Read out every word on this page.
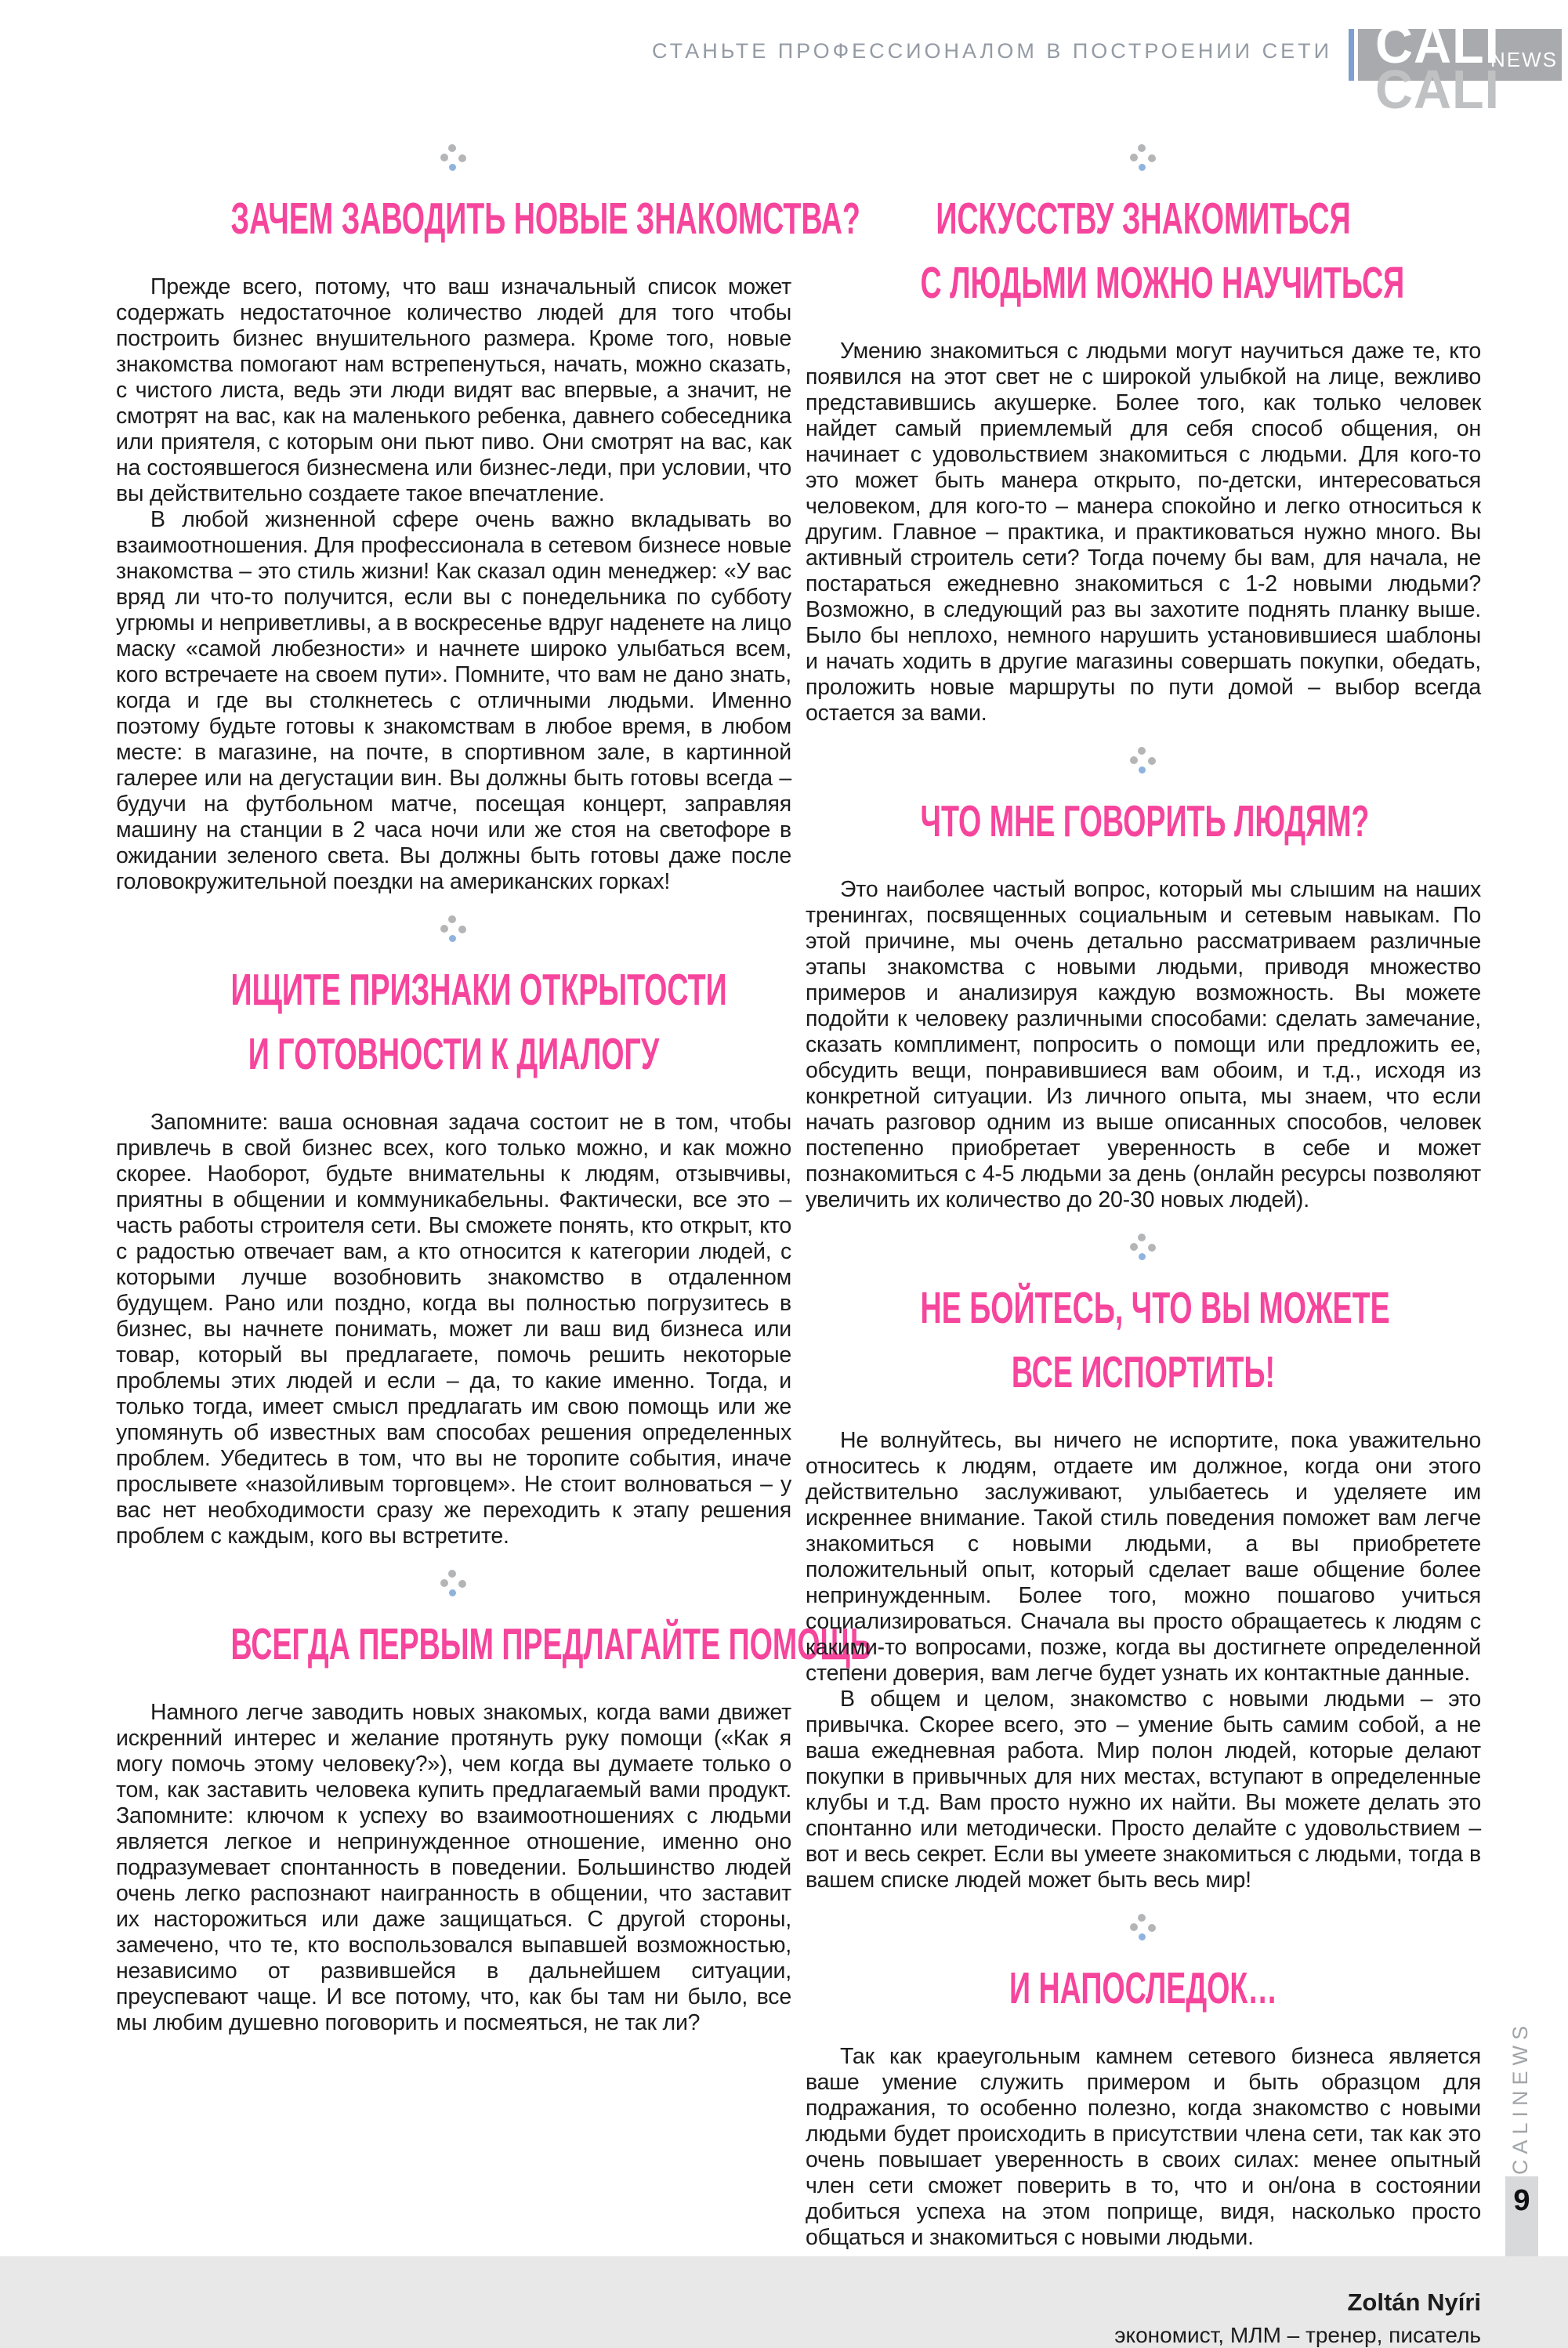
СТАНЬТЕ ПРОФЕССИОНАЛОМ В ПОСТРОЕНИИ СЕТИ CALI
CALI
NEWS
ЗАЧЕМ ЗАВОДИТЬ НОВЫЕ ЗНАКОМСТВА?

Прежде всего, потому, что ваш изначальный список может содержать недостаточное количество людей для того чтобы построить бизнес внушительного размера. Кроме того, новые знакомства помогают нам встрепенуться, начать, можно сказать, с чистого листа, ведь эти люди видят вас впервые, а значит, не смотрят на вас, как на маленького ребенка, давнего собеседника или приятеля, с которым они пьют пиво. Они смотрят на вас, как на состоявшегося бизнесмена или бизнес-леди, при условии, что вы действительно создаете такое впечатление.

В любой жизненной сфере очень важно вкладывать во взаимоотношения. Для профессионала в сетевом бизнесе новые знакомства – это стиль жизни! Как сказал один менеджер: «У вас вряд ли что-то получится, если вы с понедельника по субботу угрюмы и неприветливы, а в воскресенье вдруг наденете на лицо маску «самой любезности» и начнете широко улыбаться всем, кого встречаете на своем пути». Помните, что вам не дано знать, когда и где вы столкнетесь с отличными людьми. Именно поэтому будьте готовы к знакомствам в любое время, в любом месте: в магазине, на почте, в спортивном зале, в картинной галерее или на дегустации вин. Вы должны быть готовы всегда – будучи на футбольном матче, посещая концерт, заправляя машину на станции в 2 часа ночи или же стоя на светофоре в ожидании зеленого света. Вы должны быть готовы даже после головокружительной поездки на американских горках!

ИЩИТЕ ПРИЗНАКИ ОТКРЫТОСТИ
И ГОТОВНОСТИ К ДИАЛОГУ

Запомните: ваша основная задача состоит не в том, чтобы привлечь в свой бизнес всех, кого только можно, и как можно скорее. Наоборот, будьте внимательны к людям, отзывчивы, приятны в общении и коммуникабельны. Фактически, все это – часть работы строителя сети. Вы сможете понять, кто открыт, кто с радостью отвечает вам, а кто относится к категории людей, с которыми лучше возобновить знакомство в отдаленном будущем. Рано или поздно, когда вы полностью погрузитесь в бизнес, вы начнете понимать, может ли ваш вид бизнеса или товар, который вы предлагаете, помочь решить некоторые проблемы этих людей и если – да, то какие именно. Тогда, и только тогда, имеет смысл предлагать им свою помощь или же упомянуть об известных вам способах решения определенных проблем. Убедитесь в том, что вы не торопите события, иначе прослывете «назойливым торговцем». Не стоит волноваться – у вас нет необходимости сразу же переходить к этапу решения проблем с каждым, кого вы встретите.

ВСЕГДА ПЕРВЫМ ПРЕДЛАГАЙТЕ ПОМОЩЬ

Намного легче заводить новых знакомых, когда вами движет искренний интерес и желание протянуть руку помощи («Как я могу помочь этому человеку?»), чем когда вы думаете только о том, как заставить человека купить предлагаемый вами продукт. Запомните: ключом к успеху во взаимоотношениях с людьми является легкое и непринужденное отношение, именно оно подразумевает спонтанность в поведении. Большинство людей очень легко распознают наигранность в общении, что заставит их насторожиться или даже защищаться. С другой стороны, замечено, что те, кто воспользовался выпавшей возможностью, независимо от развившейся в дальнейшем ситуации, преуспевают чаще. И все потому, что, как бы там ни было, все мы любим душевно поговорить и посмеяться, не так ли?

ИСКУССТВУ ЗНАКОМИТЬСЯ
С ЛЮДЬМИ МОЖНО НАУЧИТЬСЯ

Умению знакомиться с людьми могут научиться даже те, кто появился на этот свет не с широкой улыбкой на лице, вежливо представившись акушерке. Более того, как только человек найдет самый приемлемый для себя способ общения, он начинает с удовольствием знакомиться с людьми. Для кого-то это может быть манера открыто, по-детски, интересоваться человеком, для кого-то – манера спокойно и легко относиться к другим. Главное – практика, и практиковаться нужно много. Вы активный строитель сети? Тогда почему бы вам, для начала, не постараться ежедневно знакомиться с 1-2 новыми людьми? Возможно, в следующий раз вы захотите поднять планку выше. Было бы неплохо, немного нарушить установившиеся шаблоны и начать ходить в другие магазины совершать покупки, обедать, проложить новые маршруты по пути домой – выбор всегда остается за вами.

ЧТО МНЕ ГОВОРИТЬ ЛЮДЯМ?

Это наиболее частый вопрос, который мы слышим на наших тренингах, посвященных социальным и сетевым навыкам. По этой причине, мы очень детально рассматриваем различные этапы знакомства с новыми людьми, приводя множество примеров и анализируя каждую возможность. Вы можете подойти к человеку различными способами: сделать замечание, сказать комплимент, попросить о помощи или предложить ее, обсудить вещи, понравившиеся вам обоим, и т.д., исходя из конкретной ситуации. Из личного опыта, мы знаем, что если начать разговор одним из выше описанных способов, человек постепенно приобретает уверенность в себе и может познакомиться с 4-5 людьми за день (онлайн ресурсы позволяют увеличить их количество до 20-30 новых людей).

НЕ БОЙТЕСЬ, ЧТО ВЫ МОЖЕТЕ
ВСЕ ИСПОРТИТЬ!

Не волнуйтесь, вы ничего не испортите, пока уважительно относитесь к людям, отдаете им должное, когда они этого действительно заслуживают, улыбаетесь и уделяете им искреннее внимание. Такой стиль поведения поможет вам легче знакомиться с новыми людьми, а вы приобретете положительный опыт, который сделает ваше общение более непринужденным. Более того, можно пошагово учиться социализироваться. Сначала вы просто обращаетесь к людям с какими-то вопросами, позже, когда вы достигнете определенной степени доверия, вам легче будет узнать их контактные данные.

В общем и целом, знакомство с новыми людьми – это привычка. Скорее всего, это – умение быть самим собой, а не ваша ежедневная работа. Мир полон людей, которые делают покупки в привычных для них местах, вступают в определенные клубы и т.д. Вам просто нужно их найти. Вы можете делать это спонтанно или методически. Просто делайте с удовольствием – вот и весь секрет. Если вы умеете знакомиться с людьми, тогда в вашем списке людей может быть весь мир!

И НАПОСЛЕДОК…

Так как краеугольным камнем сетевого бизнеса является ваше умение служить примером и быть образцом для подражания, то особенно полезно, когда знакомство с новыми людьми будет происходить в присутствии члена сети, так как это очень повышает уверенность в своих силах: менее опытный член сети сможет поверить в то, что и он/она в состоянии добиться успеха на этом поприще, видя, насколько просто общаться и знакомиться с новыми людьми.

Zoltán Nyíri
экономист, МЛМ – тренер, писатель
CALINEWS
9
